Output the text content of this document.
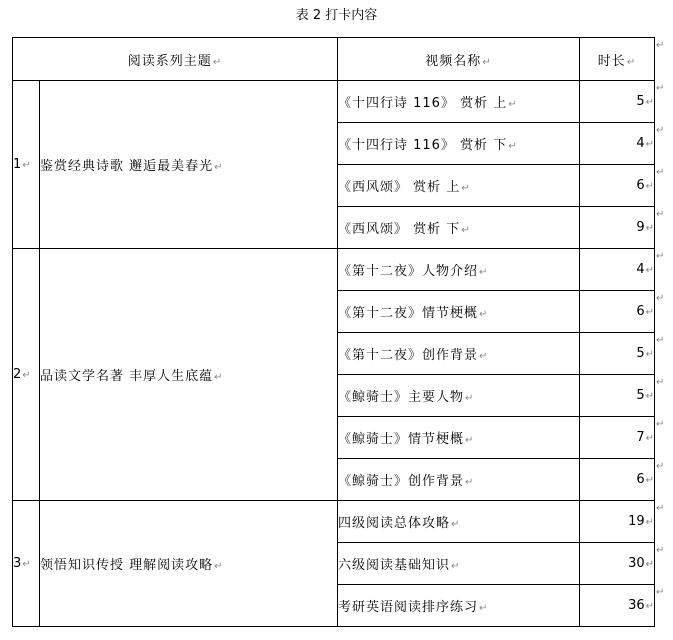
表 2 打卡内容
阅读系列主题↵		视频名称↵	时长↵
1↵	鉴赏经典诗歌 邂逅最美春光↵	《十四行诗 116》 赏析 上↵	5↵
		《十四行诗 116》 赏析 下↵	4↵
		《西风颂》 赏析 上↵	6↵
		《西风颂》 赏析 下↵	9↵
2↵	品读文学名著 丰厚人生底蕴↵	《第十二夜》人物介绍↵	4↵
		《第十二夜》情节梗概↵	6↵
		《第十二夜》创作背景↵	5↵
		《鲸骑士》主要人物↵	5↵
		《鲸骑士》情节梗概↵	7↵
		《鲸骑士》创作背景↵	6↵
3↵	领悟知识传授 理解阅读攻略↵	四级阅读总体攻略↵	19↵
		六级阅读基础知识↵	30↵
		考研英语阅读排序练习↵	36↵
↵
↵
↵
↵
↵
↵
↵
↵
↵
↵
↵
↵
↵
↵
